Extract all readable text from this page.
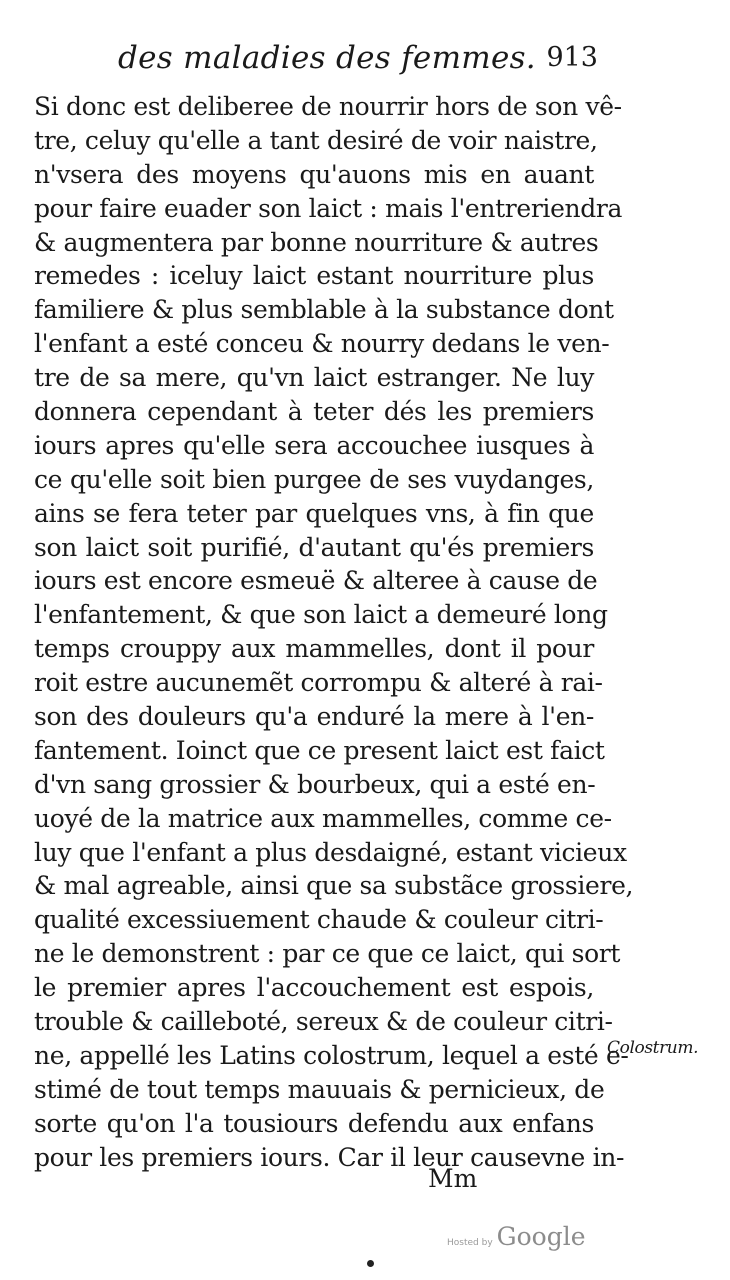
des maladies des femmes. 913
Si donc est deliberee de nourrir hors de son vê-
tre, celuy qu'elle a tant desiré de voir naistre,
n'vsera des moyens qu'auons mis en auant
pour faire euader son laict : mais l'entreriendra
& augmentera par bonne nourriture & autres
remedes : iceluy laict estant nourriture plus
familiere & plus semblable à la substance dont
l'enfant a esté conceu & nourry dedans le ven-
tre de sa mere, qu'vn laict estranger. Ne luy
donnera cependant à teter dés les premiers
iours apres qu'elle sera accouchee iusques à
ce qu'elle soit bien purgee de ses vuydanges,
ains se fera teter par quelques vns, à fin que
son laict soit purifié, d'autant qu'és premiers
iours est encore esmeuë & alteree à cause de
l'enfantement, & que son laict a demeuré long
temps crouppy aux mammelles, dont il pour
roit estre aucunemẽt corrompu & alteré à rai-
son des douleurs qu'a enduré la mere à l'en-
fantement. Ioinct que ce present laict est faict
d'vn sang grossier & bourbeux, qui a esté en-
uoyé de la matrice aux mammelles, comme ce-
luy que l'enfant a plus desdaigné, estant vicieux
& mal agreable, ainsi que sa substãce grossiere,
qualité excessiuement chaude & couleur citri-
ne le demonstrent : par ce que ce laict, qui sort
le premier apres l'accouchement est espois,
trouble & cailleboté, sereux & de couleur citri-
ne, appellé les Latins colostrum, lequel a esté e-
stimé de tout temps mauuais & pernicieux, de
sorte qu'on l'a tousiours defendu aux enfans
pour les premiers iours. Car il leur causevne in-
Colostrum.
Mm
Hosted by Google
